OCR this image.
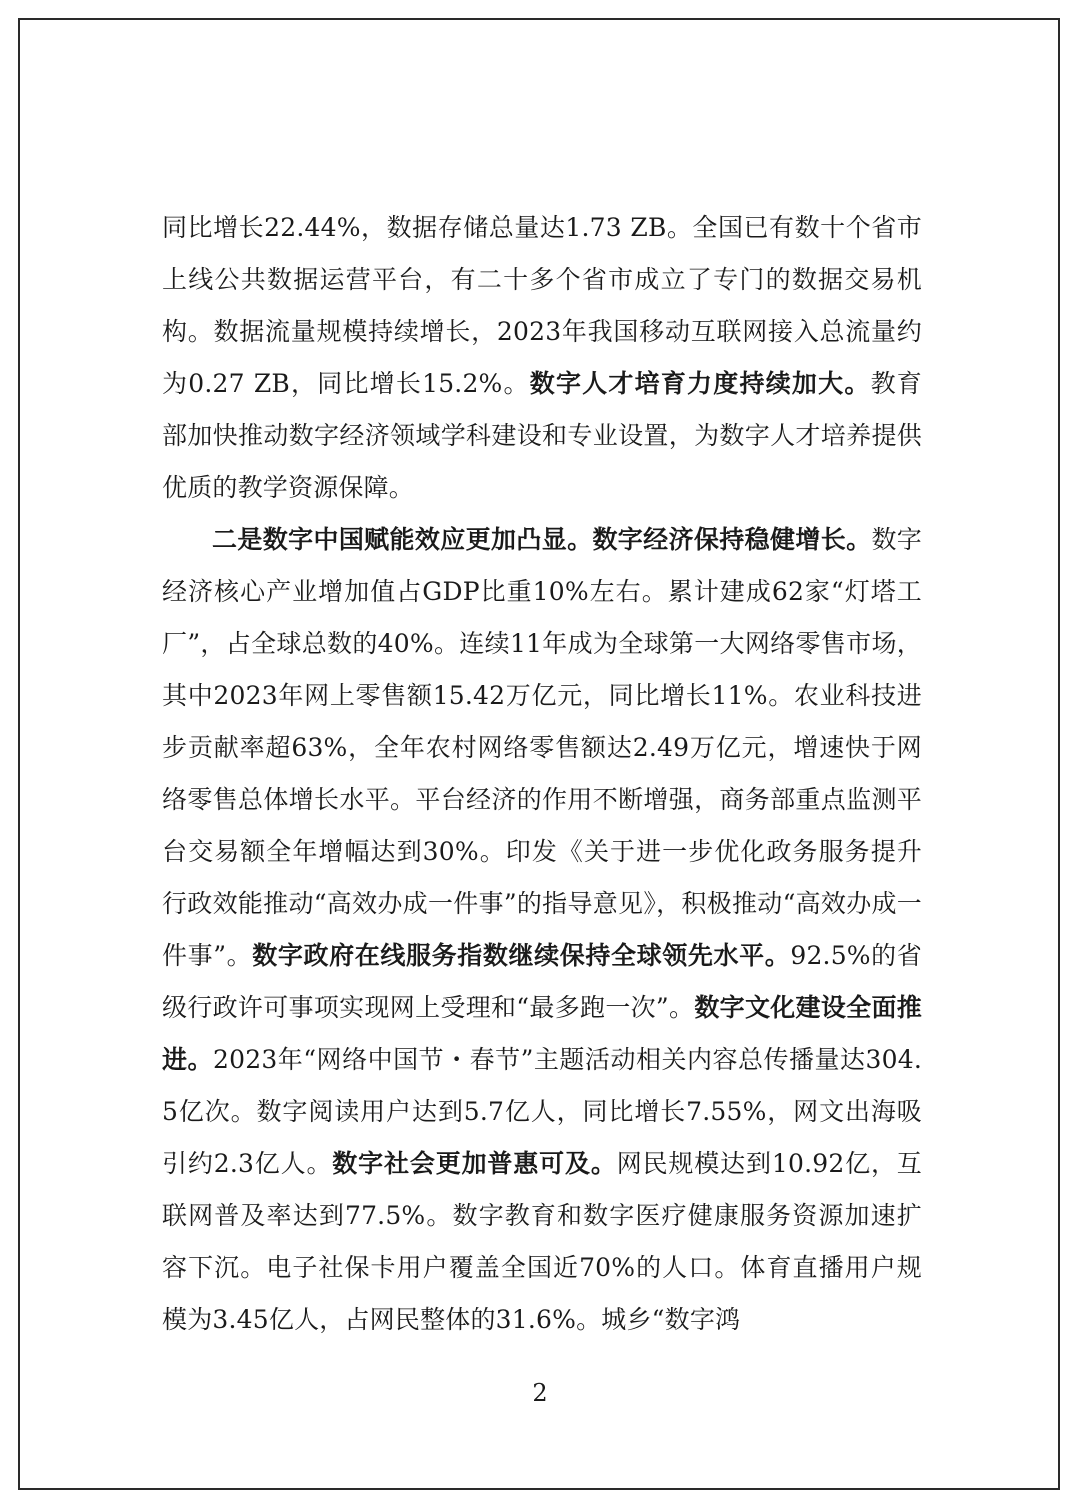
同比增长22.44%，数据存储总量达1.73 ZB。全国已有数十个省市上线公共数据运营平台，有二十多个省市成立了专门的数据交易机构。数据流量规模持续增长，2023年我国移动互联网接入总流量约为0.27 ZB，同比增长15.2%。数字人才培育力度持续加大。教育部加快推动数字经济领域学科建设和专业设置，为数字人才培养提供优质的教学资源保障。

二是数字中国赋能效应更加凸显。数字经济保持稳健增长。数字经济核心产业增加值占GDP比重10%左右。累计建成62家“灯塔工厂”，占全球总数的40%。连续11年成为全球第一大网络零售市场，其中2023年网上零售额15.42万亿元，同比增长11%。农业科技进步贡献率超63%，全年农村网络零售额达2.49万亿元，增速快于网络零售总体增长水平。平台经济的作用不断增强，商务部重点监测平台交易额全年增幅达到30%。印发《关于进一步优化政务服务提升行政效能推动“高效办成一件事”的指导意见》，积极推动“高效办成一件事”。数字政府在线服务指数继续保持全球领先水平。92.5%的省级行政许可事项实现网上受理和“最多跑一次”。数字文化建设全面推进。2023年“网络中国节・春节”主题活动相关内容总传播量达304.5亿次。数字阅读用户达到5.7亿人，同比增长7.55%，网文出海吸引约2.3亿人。数字社会更加普惠可及。网民规模达到10.92亿，互联网普及率达到77.5%。数字教育和数字医疗健康服务资源加速扩容下沉。电子社保卡用户覆盖全国近70%的人口。体育直播用户规模为3.45亿人，占网民整体的31.6%。城乡“数字鸿

2
